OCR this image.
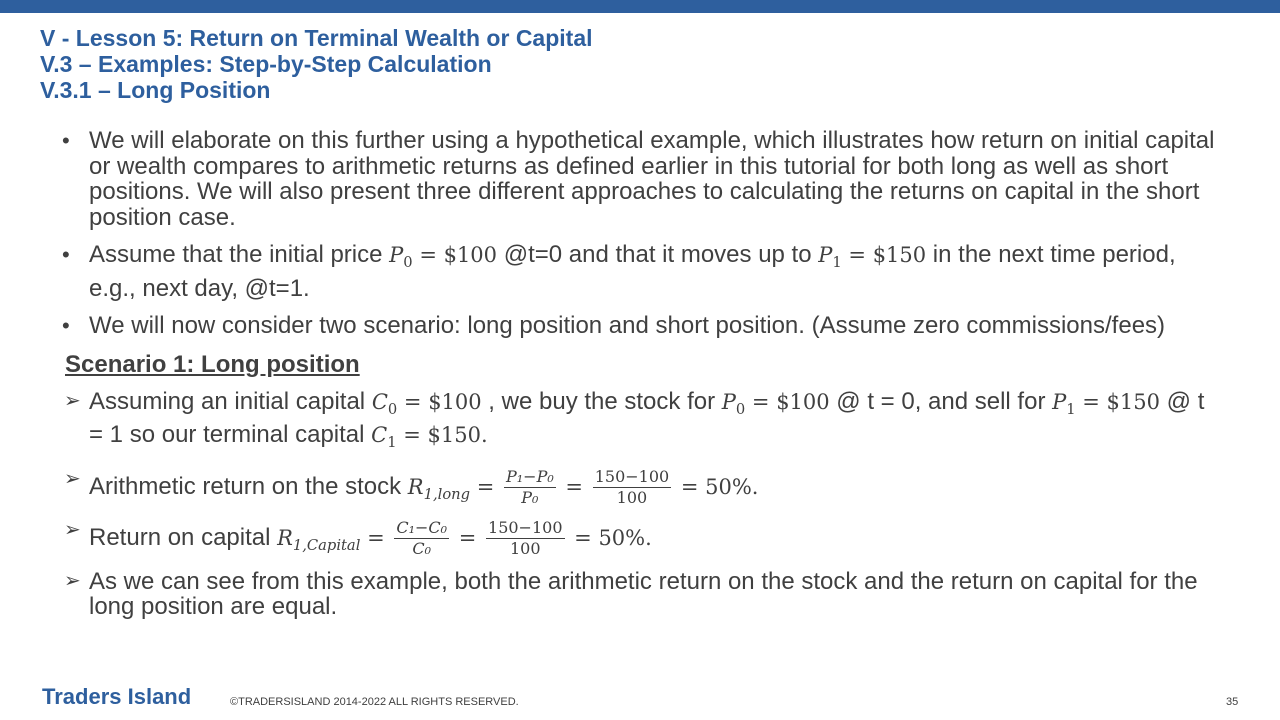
V - Lesson 5: Return on Terminal Wealth or Capital
V.3 – Examples: Step-by-Step Calculation
V.3.1 – Long Position
• We will elaborate on this further using a hypothetical example, which illustrates how return on initial capital or wealth compares to arithmetic returns as defined earlier in this tutorial for both long as well as short positions. We will also present three different approaches to calculating the returns on capital in the short position case.
• Assume that the initial price $P_0$ = $100 @t=0 and that it moves up to $P_1$ = $150 in the next time period, e.g., next day, @t=1.
• We will now consider two scenario: long position and short position. (Assume zero commissions/fees)
Scenario 1: Long position
➢ Assuming an initial capital $C_0$ = $100 , we buy the stock for $P_0$ = $100 @ t = 0, and sell for $P_1$ = $150 @ t = 1 so our terminal capital $C_1$ = $150.
➢ Arithmetic return on the stock $R_{1,long} = \frac{\text{P₁−P₀}}{\text{P₀}} = \frac{150-100}{100} = 50\%$.
➢ Return on capital $R_{1,Capital} = \frac{\text{C₁−C₀}}{\text{C₀}} = \frac{150-100}{100} = 50\%$.
➢ As we can see from this example, both the arithmetic return on the stock and the return on capital for the long position are equal.
Traders Island	©TRADERSISLAND 2014-2022 ALL RIGHTS RESERVED.	35
